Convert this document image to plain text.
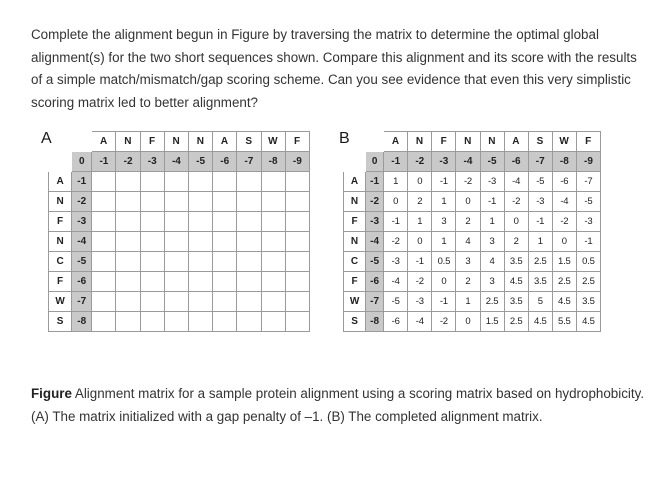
Complete the alignment begun in Figure by traversing the matrix to determine the optimal global alignment(s) for the two short sequences shown. Compare this alignment and its score with the results of a simple match/mismatch/gap scoring scheme. Can you see evidence that even this very simplistic scoring matrix led to better alignment?

A	B
		A	N	F	N	N	A	S	W	F
	0	-1	-2	-3	-4	-5	-6	-7	-8	-9
A	-1									
N	-2									
F	-3									
N	-4									
C	-5									
F	-6									
W	-7									
S	-8									
		A	N	F	N	N	A	S	W	F
	0	-1	-2	-3	-4	-5	-6	-7	-8	-9
A	-1	1	0	-1	-2	-3	-4	-5	-6	-7
N	-2	0	2	1	0	-1	-2	-3	-4	-5
F	-3	-1	1	3	2	1	0	-1	-2	-3
N	-4	-2	0	1	4	3	2	1	0	-1
C	-5	-3	-1	0.5	3	4	3.5	2.5	1.5	0.5
F	-6	-4	-2	0	2	3	4.5	3.5	2.5	2.5
W	-7	-5	-3	-1	1	2.5	3.5	5	4.5	3.5
S	-8	-6	-4	-2	0	1.5	2.5	4.5	5.5	4.5

Figure Alignment matrix for a sample protein alignment using a scoring matrix based on hydrophobicity. (A) The matrix initialized with a gap penalty of –1. (B) The completed alignment matrix.
